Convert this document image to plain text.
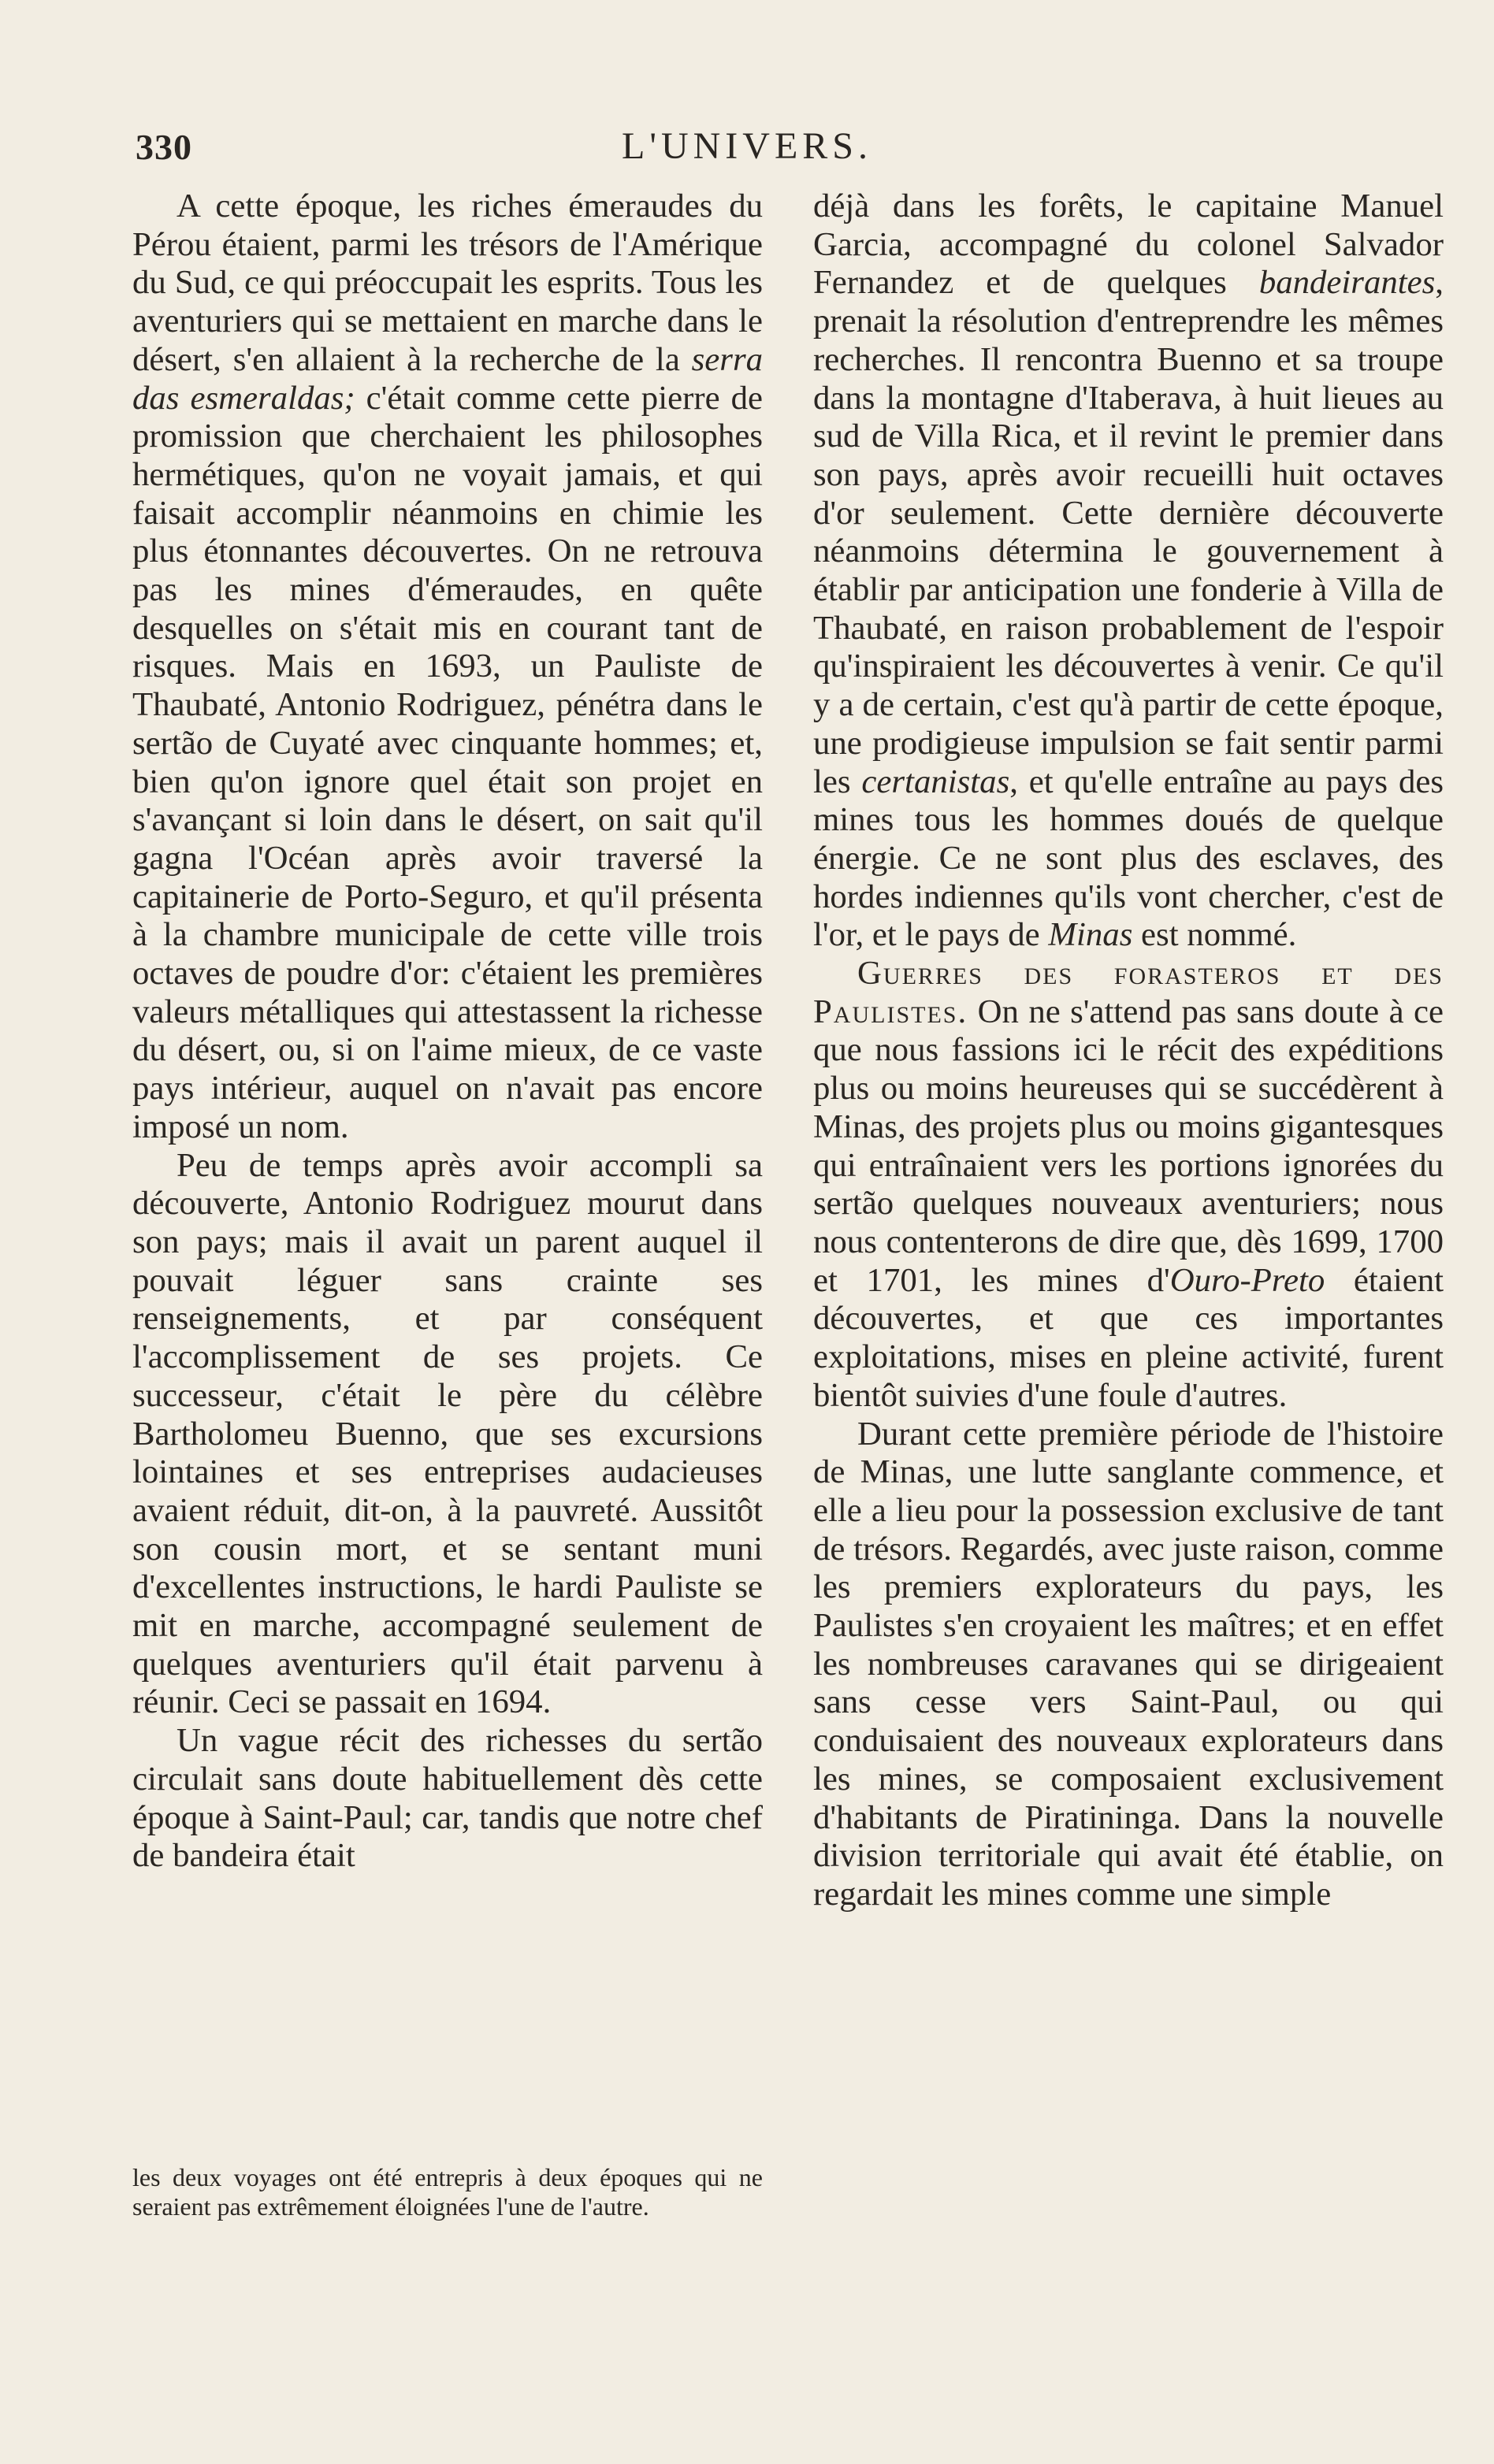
330	L'UNIVERS.

A cette époque, les riches émeraudes du Pérou étaient, parmi les trésors de l'Amérique du Sud, ce qui préoccupait les esprits. Tous les aventuriers qui se mettaient en marche dans le désert, s'en allaient à la recherche de la serra das esmeraldas; c'était comme cette pierre de promission que cherchaient les philosophes hermétiques, qu'on ne voyait jamais, et qui faisait accomplir néanmoins en chimie les plus étonnantes découvertes. On ne retrouva pas les mines d'émeraudes, en quête desquelles on s'était mis en courant tant de risques. Mais en 1693, un Pauliste de Thaubaté, Antonio Rodriguez, pénétra dans le sertão de Cuyaté avec cinquante hommes; et, bien qu'on ignore quel était son projet en s'avançant si loin dans le désert, on sait qu'il gagna l'Océan après avoir traversé la capitainerie de Porto-Seguro, et qu'il présenta à la chambre municipale de cette ville trois octaves de poudre d'or: c'étaient les premières valeurs métalliques qui attestassent la richesse du désert, ou, si on l'aime mieux, de ce vaste pays intérieur, auquel on n'avait pas encore imposé un nom.

Peu de temps après avoir accompli sa découverte, Antonio Rodriguez mourut dans son pays; mais il avait un parent auquel il pouvait léguer sans crainte ses renseignements, et par conséquent l'accomplissement de ses projets. Ce successeur, c'était le père du célèbre Bartholomeu Buenno, que ses excursions lointaines et ses entreprises audacieuses avaient réduit, dit-on, à la pauvreté. Aussitôt son cousin mort, et se sentant muni d'excellentes instructions, le hardi Pauliste se mit en marche, accompagné seulement de quelques aventuriers qu'il était parvenu à réunir. Ceci se passait en 1694.

Un vague récit des richesses du sertão circulait sans doute habituellement dès cette époque à Saint-Paul; car, tandis que notre chef de bandeira était

les deux voyages ont été entrepris à deux époques qui ne seraient pas extrêmement éloignées l'une de l'autre.

déjà dans les forêts, le capitaine Manuel Garcia, accompagné du colonel Salvador Fernandez et de quelques bandeirantes, prenait la résolution d'entreprendre les mêmes recherches. Il rencontra Buenno et sa troupe dans la montagne d'Itaberava, à huit lieues au sud de Villa Rica, et il revint le premier dans son pays, après avoir recueilli huit octaves d'or seulement. Cette dernière découverte néanmoins détermina le gouvernement à établir par anticipation une fonderie à Villa de Thaubaté, en raison probablement de l'espoir qu'inspiraient les découvertes à venir. Ce qu'il y a de certain, c'est qu'à partir de cette époque, une prodigieuse impulsion se fait sentir parmi les certanistas, et qu'elle entraîne au pays des mines tous les hommes doués de quelque énergie. Ce ne sont plus des esclaves, des hordes indiennes qu'ils vont chercher, c'est de l'or, et le pays de Minas est nommé.

Guerres des forasteros et des Paulistes. On ne s'attend pas sans doute à ce que nous fassions ici le récit des expéditions plus ou moins heureuses qui se succédèrent à Minas, des projets plus ou moins gigantesques qui entraînaient vers les portions ignorées du sertão quelques nouveaux aventuriers; nous nous contenterons de dire que, dès 1699, 1700 et 1701, les mines d'Ouro-Preto étaient découvertes, et que ces importantes exploitations, mises en pleine activité, furent bientôt suivies d'une foule d'autres.

Durant cette première période de l'histoire de Minas, une lutte sanglante commence, et elle a lieu pour la possession exclusive de tant de trésors. Regardés, avec juste raison, comme les premiers explorateurs du pays, les Paulistes s'en croyaient les maîtres; et en effet les nombreuses caravanes qui se dirigeaient sans cesse vers Saint-Paul, ou qui conduisaient des nouveaux explorateurs dans les mines, se composaient exclusivement d'habitants de Piratininga. Dans la nouvelle division territoriale qui avait été établie, on regardait les mines comme une simple
